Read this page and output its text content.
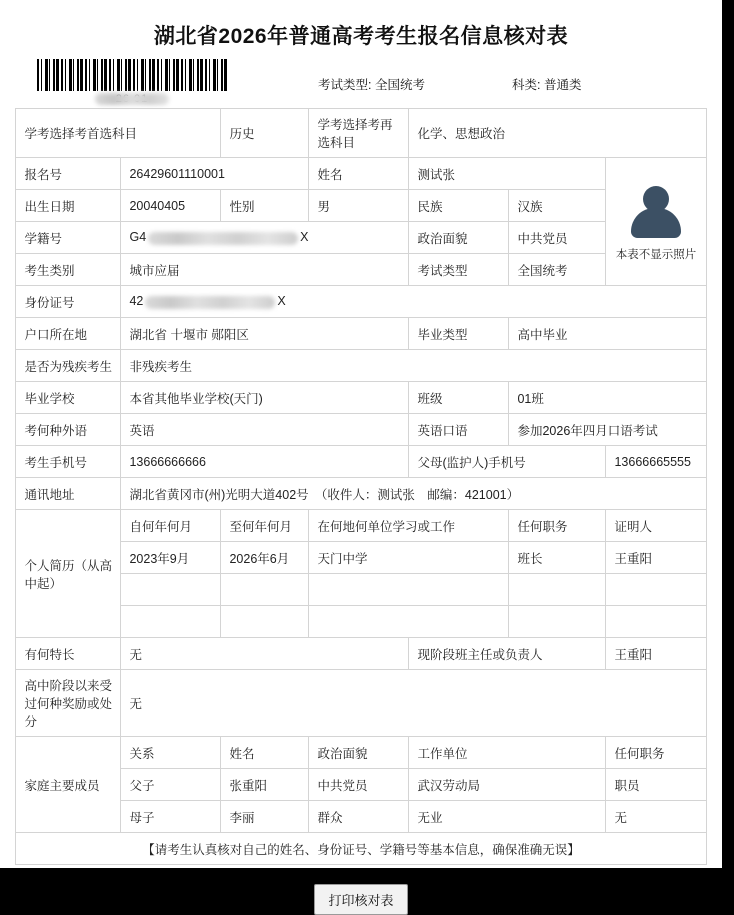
湖北省2026年普通高考考生报名信息核对表
考试类型: 全国统考	科类: 普通类
学考选择考首选科目		历史	学考选择考再选科目	化学、思想政治		
报名号	26429601110001		姓名	测试张		本表不显示照片

出生日期	20040405	性别	男	民族	汉族	
学籍号	G4 X			政治面貌	中共党员	
考生类别	城市应届			考试类型	全国统考	
身份证号	42 X					
户口所在地	湖北省 十堰市 郧阳区			毕业类型	高中毕业	
是否为残疾考生	非残疾考生					
毕业学校	本省其他毕业学校(天门)			班级	01班	
考何种外语	英语			英语口语	参加2026年四月口语考试	
考生手机号	13666666666			父母(监护人)手机号		13666665555
通讯地址	湖北省黄冈市(州)光明大道402号　（收件人：测试张　邮编：421001）					
个人简历（从高中起）	自何年何月	至何年何月	在何地何单位学习或工作		任何职务	证明人
	2023年9月	2026年6月	天门中学		班长	王重阳

有何特长	无			现阶段班主任或负责人		王重阳
高中阶段以来受过何种奖励或处分	无					
家庭主要成员	关系	姓名	政治面貌	工作单位		任何职务
	父子	张重阳	中共党员	武汉劳动局		职员
	母子	李丽	群众	无业		无
【请考生认真核对自己的姓名、身份证号、学籍号等基本信息，确保准确无误】						
打印核对表
